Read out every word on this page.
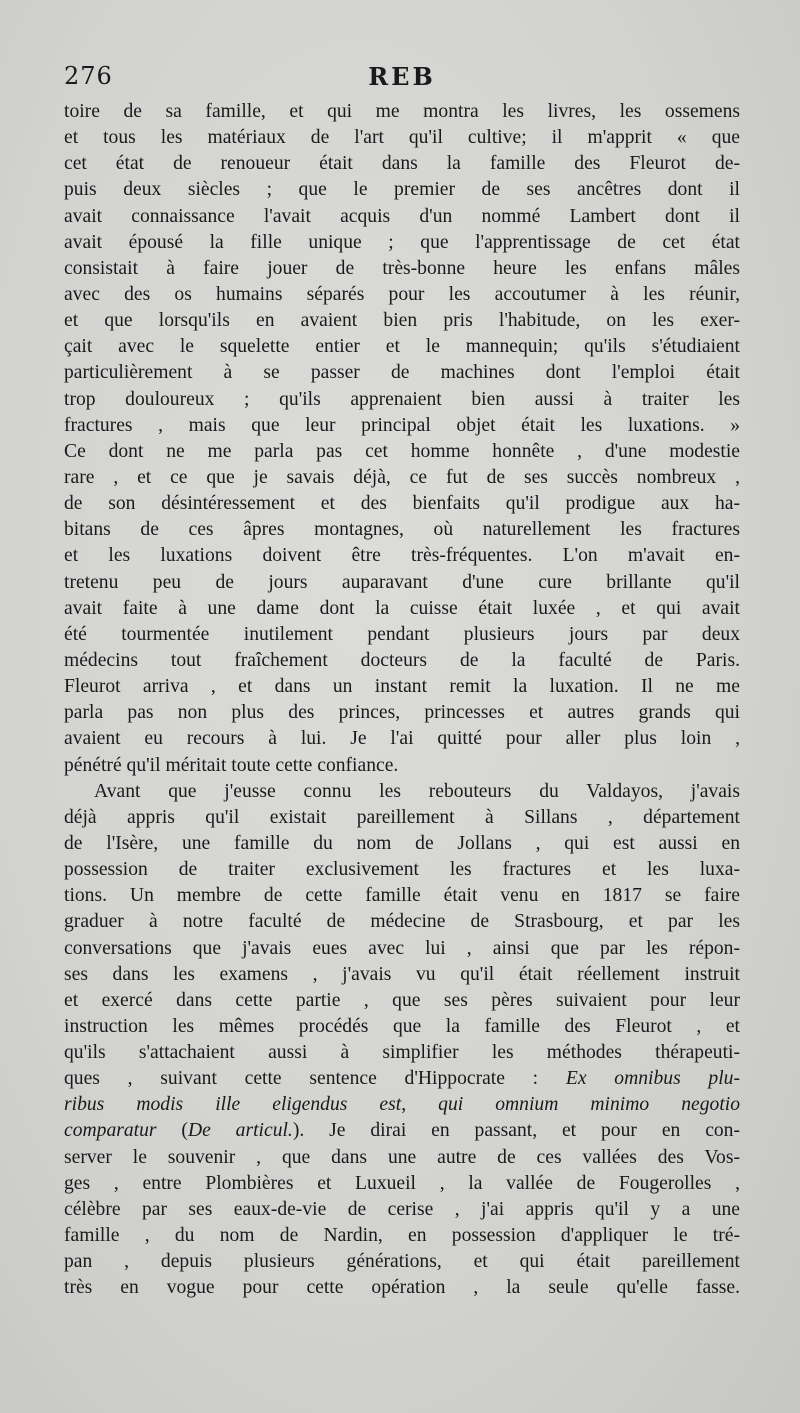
276	REB
toire de sa famille, et qui me montra les livres, les ossemens
et tous les matériaux de l'art qu'il cultive; il m'apprit « que
cet état de renoueur était dans la famille des Fleurot de-
puis deux siècles ; que le premier de ses ancêtres dont il
avait connaissance l'avait acquis d'un nommé Lambert dont il
avait épousé la fille unique ; que l'apprentissage de cet état
consistait à faire jouer de très-bonne heure les enfans mâles
avec des os humains séparés pour les accoutumer à les réunir,
et que lorsqu'ils en avaient bien pris l'habitude, on les exer-
çait avec le squelette entier et le mannequin; qu'ils s'étudiaient
particulièrement à se passer de machines dont l'emploi était
trop douloureux ; qu'ils apprenaient bien aussi à traiter les
fractures , mais que leur principal objet était les luxations. »
Ce dont ne me parla pas cet homme honnête , d'une modestie
rare , et ce que je savais déjà, ce fut de ses succès nombreux ,
de son désintéressement et des bienfaits qu'il prodigue aux ha-
bitans de ces âpres montagnes, où naturellement les fractures
et les luxations doivent être très-fréquentes. L'on m'avait en-
tretenu peu de jours auparavant d'une cure brillante qu'il
avait faite à une dame dont la cuisse était luxée , et qui avait
été tourmentée inutilement pendant plusieurs jours par deux
médecins tout fraîchement docteurs de la faculté de Paris.
Fleurot arriva , et dans un instant remit la luxation. Il ne me
parla pas non plus des princes, princesses et autres grands qui
avaient eu recours à lui. Je l'ai quitté pour aller plus loin ,
pénétré qu'il méritait toute cette confiance.
Avant que j'eusse connu les rebouteurs du Valdayos, j'avais
déjà appris qu'il existait pareillement à Sillans , département
de l'Isère, une famille du nom de Jollans , qui est aussi en
possession de traiter exclusivement les fractures et les luxa-
tions. Un membre de cette famille était venu en 1817 se faire
graduer à notre faculté de médecine de Strasbourg, et par les
conversations que j'avais eues avec lui , ainsi que par les répon-
ses dans les examens , j'avais vu qu'il était réellement instruit
et exercé dans cette partie , que ses pères suivaient pour leur
instruction les mêmes procédés que la famille des Fleurot , et
qu'ils s'attachaient aussi à simplifier les méthodes thérapeuti-
ques , suivant cette sentence d'Hippocrate : Ex omnibus plu-
ribus modis ille eligendus est, qui omnium minimo negotio
comparatur (De articul.). Je dirai en passant, et pour en con-
server le souvenir , que dans une autre de ces vallées des Vos-
ges , entre Plombières et Luxueil , la vallée de Fougerolles ,
célèbre par ses eaux-de-vie de cerise , j'ai appris qu'il y a une
famille , du nom de Nardin, en possession d'appliquer le tré-
pan , depuis plusieurs générations, et qui était pareillement
très en vogue pour cette opération , la seule qu'elle fasse.
